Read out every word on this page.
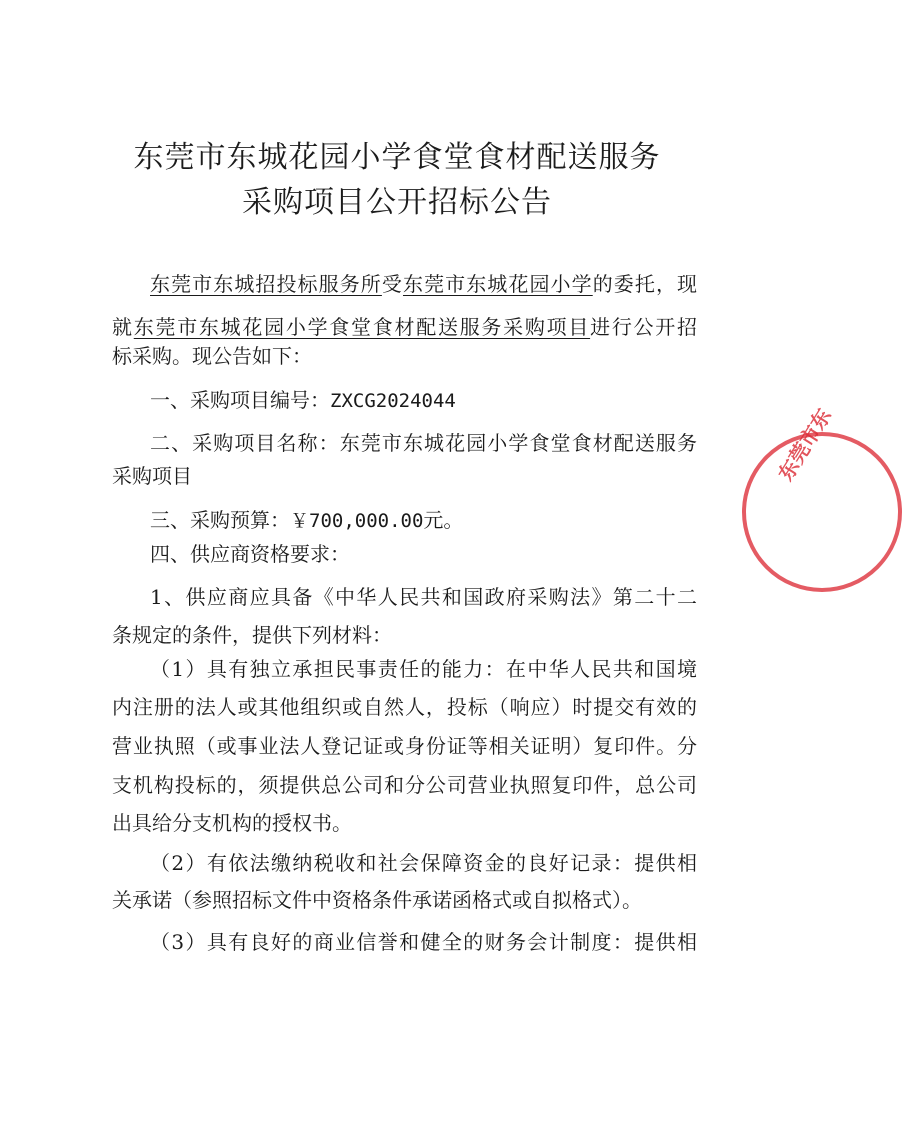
东莞市东城花园小学食堂食材配送服务
采购项目公开招标公告
东莞市东城招投标服务所受东莞市东城花园小学的委托，现
就东莞市东城花园小学食堂食材配送服务采购项目进行公开招
标采购。现公告如下：
一、采购项目编号：ZXCG2024044
二、采购项目名称：东莞市东城花园小学食堂食材配送服务
采购项目
三、采购预算：￥700,000.00元。
四、供应商资格要求：
1、供应商应具备《中华人民共和国政府采购法》第二十二
条规定的条件，提供下列材料：
（1）具有独立承担民事责任的能力：在中华人民共和国境
内注册的法人或其他组织或自然人，投标（响应）时提交有效的
营业执照（或事业法人登记证或身份证等相关证明）复印件。分
支机构投标的，须提供总公司和分公司营业执照复印件，总公司
出具给分支机构的授权书。
（2）有依法缴纳税收和社会保障资金的良好记录：提供相
关承诺（参照招标文件中资格条件承诺函格式或自拟格式）。
（3）具有良好的商业信誉和健全的财务会计制度：提供相
东莞市东
